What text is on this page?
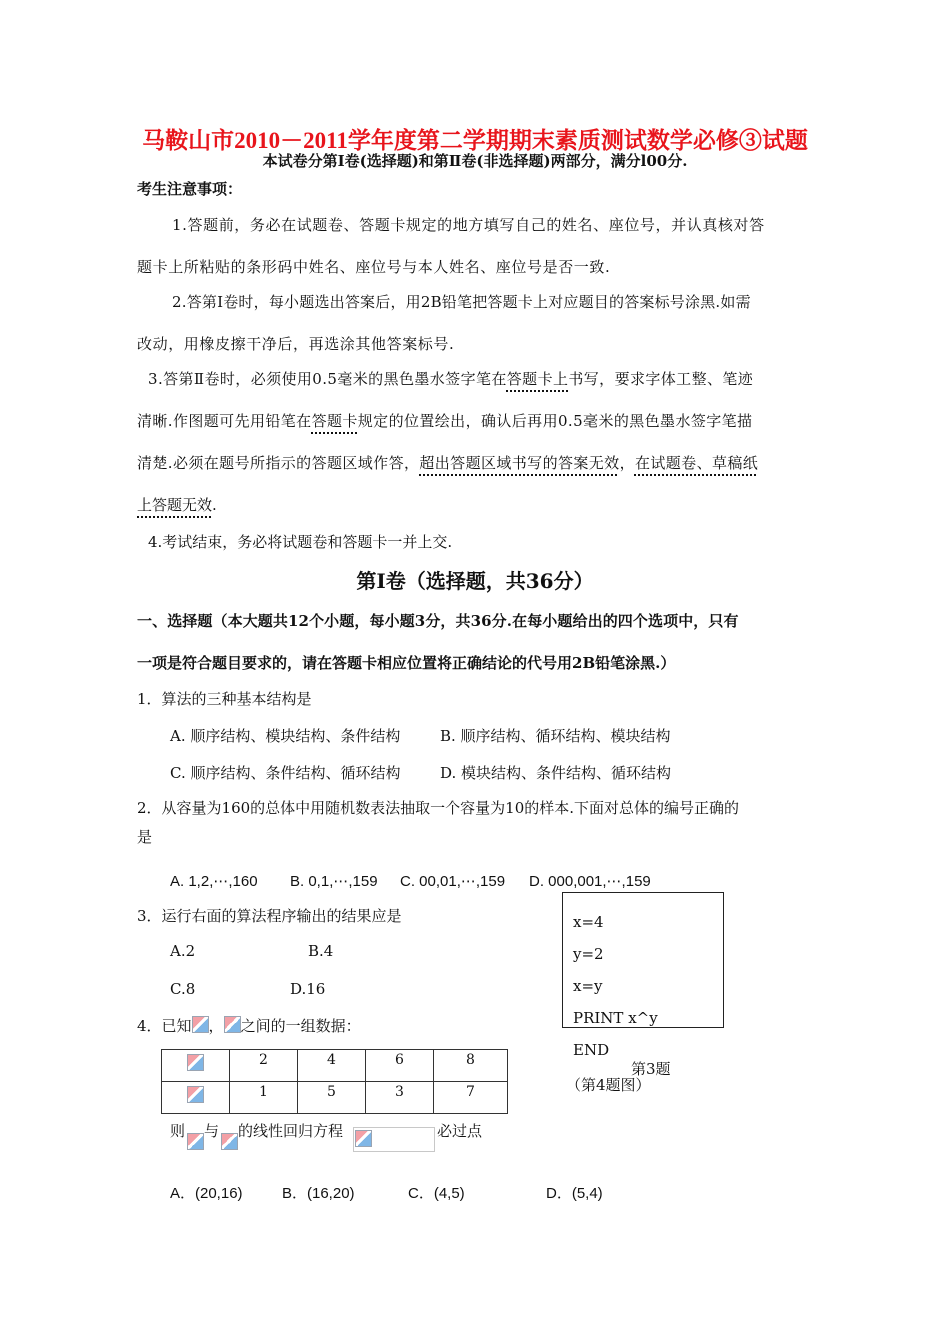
马鞍山市2010－2011学年度第二学期期末素质测试数学必修③试题
本试卷分第Ⅰ卷(选择题)和第Ⅱ卷(非选择题)两部分，满分l00分.
考生注意事项：
1.答题前，务必在试题卷、答题卡规定的地方填写自己的姓名、座位号，并认真核对答
题卡上所粘贴的条形码中姓名、座位号与本人姓名、座位号是否一致.
2.答第Ⅰ卷时，每小题选出答案后，用2B铅笔把答题卡上对应题目的答案标号涂黑.如需
改动，用橡皮擦干净后，再选涂其他答案标号.
3.答第Ⅱ卷时，必须使用0.5毫米的黑色墨水签字笔在答题卡上书写，要求字体工整、笔迹
清晰.作图题可先用铅笔在答题卡规定的位置绘出，确认后再用0.5毫米的黑色墨水签字笔描
清楚.必须在题号所指示的答题区域作答，超出答题区域书写的答案无效，在试题卷、草稿纸
上答题无效.
4.考试结束，务必将试题卷和答题卡一并上交.
第Ⅰ卷（选择题，共36分）
一、选择题（本大题共12个小题，每小题3分，共36分.在每小题给出的四个选项中，只有
一项是符合题目要求的，请在答题卡相应位置将正确结论的代号用2B铅笔涂黑.）
1．算法的三种基本结构是
A. 顺序结构、模块结构、条件结构	B. 顺序结构、循环结构、模块结构
C. 顺序结构、条件结构、循环结构	D. 模块结构、条件结构、循环结构
2．从容量为160的总体中用随机数表法抽取一个容量为10的样本.下面对总体的编号正确的
是
A. 1,2,⋯,160 B. 0,1,⋯,159 C. 00,01,⋯,159 D. 000,001,⋯,159
3．运行右面的算法程序输出的结果应是
A.2	B.4
C.8	D.16
x=4
y=2
x=y
PRINT x^y
END
第3题
（第4题图）
4．已知 ， 之间的一组数据：
	2	4	6	8
	1	5	3	7
则 与 的线性回归方程	必过点
A．(20,16)	B．(16,20)	C．(4,5)	D．(5,4)
